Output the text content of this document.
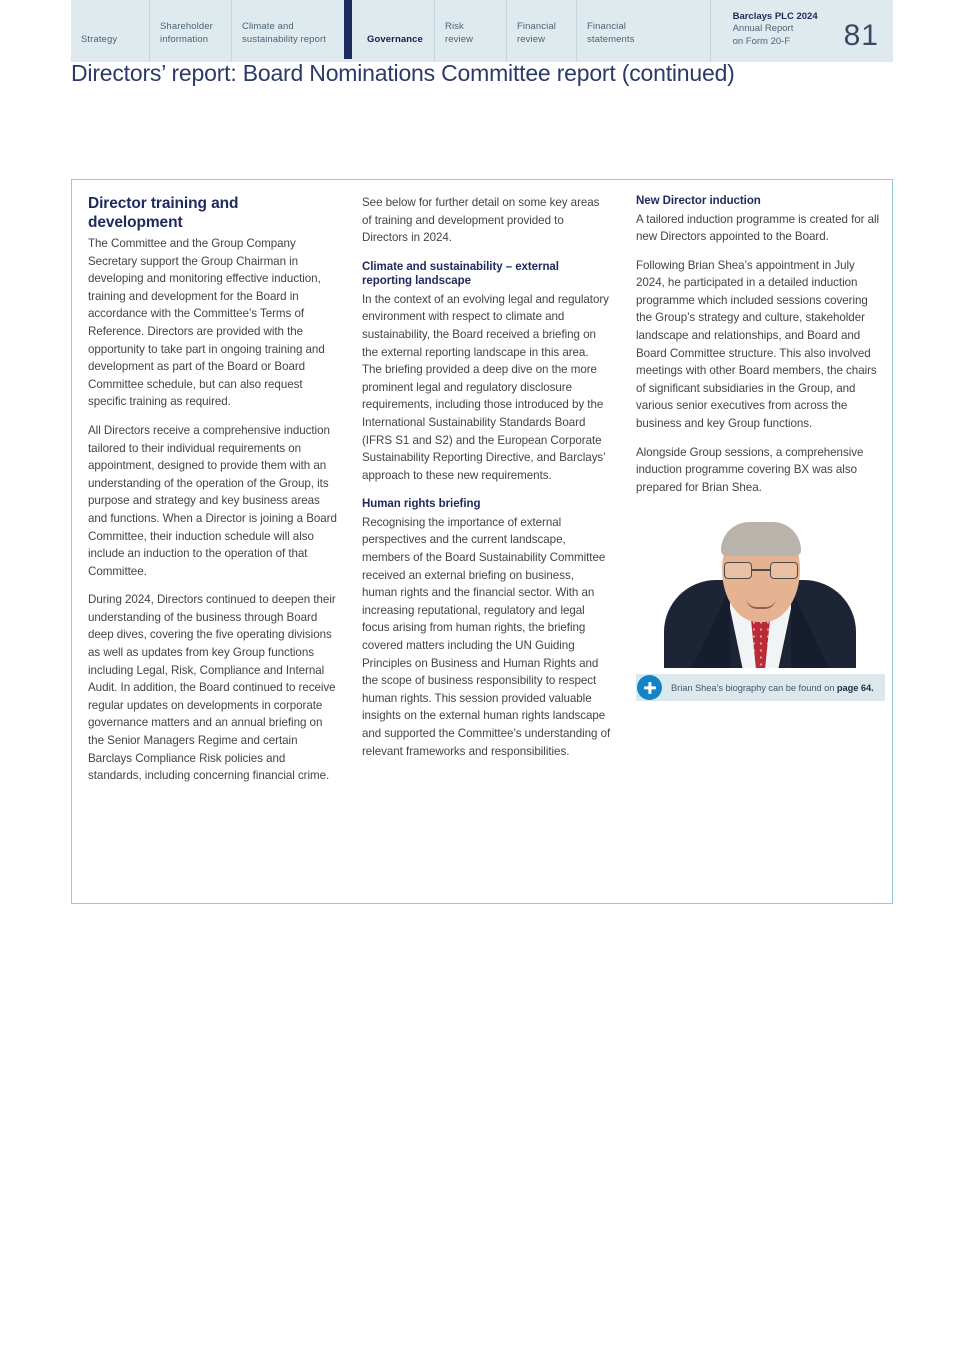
Strategy
Shareholder
information
Climate and
sustainability report	Governance
Risk
review
Financial
review
Financial
statements
Barclays PLC 2024
Annual Report
on Form 20-F	81
Directors’ report: Board Nominations Committee report (continued)
Director training and development

The Committee and the Group Company Secretary support the Group Chairman in developing and monitoring effective induction, training and development for the Board in accordance with the Committee’s Terms of Reference. Directors are provided with the opportunity to take part in ongoing training and development as part of the Board or Board Committee schedule, but can also request specific training as required.

All Directors receive a comprehensive induction tailored to their individual requirements on appointment, designed to provide them with an understanding of the operation of the Group, its purpose and strategy and key business areas and functions. When a Director is joining a Board Committee, their induction schedule will also include an induction to the operation of that Committee.

During 2024, Directors continued to deepen their understanding of the business through Board deep dives, covering the five operating divisions as well as updates from key Group functions including Legal, Risk, Compliance and Internal Audit. In addition, the Board continued to receive regular updates on developments in corporate governance matters and an annual briefing on the Senior Managers Regime and certain Barclays Compliance Risk policies and standards, including concerning financial crime.

See below for further detail on some key areas of training and development provided to Directors in 2024.

Climate and sustainability – external reporting landscape

In the context of an evolving legal and regulatory environment with respect to climate and sustainability, the Board received a briefing on the external reporting landscape in this area. The briefing provided a deep dive on the more prominent legal and regulatory disclosure requirements, including those introduced by the International Sustainability Standards Board (IFRS S1 and S2) and the European Corporate Sustainability Reporting Directive, and Barclays’ approach to these new requirements.

Human rights briefing

Recognising the importance of external perspectives and the current landscape, members of the Board Sustainability Committee received an external briefing on business, human rights and the financial sector. With an increasing reputational, regulatory and legal focus arising from human rights, the briefing covered matters including the UN Guiding Principles on Business and Human Rights and the scope of business responsibility to respect human rights. This session provided valuable insights on the external human rights landscape and supported the Committee’s understanding of relevant frameworks and responsibilities.

New Director induction

A tailored induction programme is created for all new Directors appointed to the Board.

Following Brian Shea’s appointment in July 2024, he participated in a detailed induction programme which included sessions covering the Group’s strategy and culture, stakeholder landscape and relationships, and Board and Board Committee structure. This also involved meetings with other Board members, the chairs of significant subsidiaries in the Group, and various senior executives from across the business and key Group functions.

Alongside Group sessions, a comprehensive induction programme covering BX was also prepared for Brian Shea.

Brian Shea’s biography can be found on page 64.
